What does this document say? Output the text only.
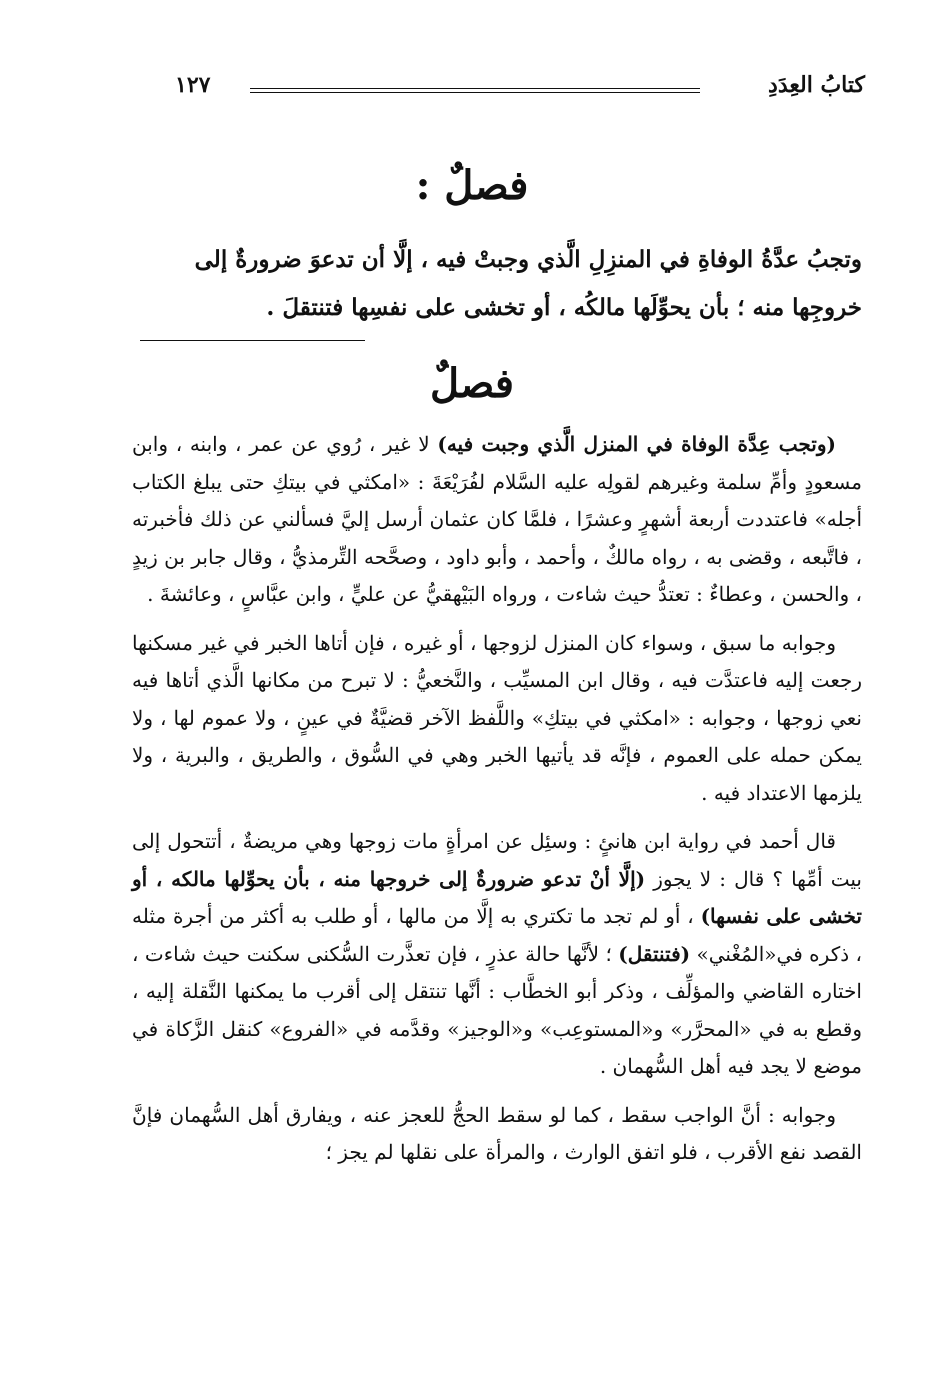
كتابُ العِدَدِ
١٢٧
فصلٌ :

وتجبُ عدَّةُ الوفاةِ في المنزِلِ الَّذي وجبتْ فيه ، إلَّا أن تدعوَ ضرورةٌ إلى

خروجِها منه ؛ بأن يحوِّلَها مالكُه ، أو تخشى على نفسِها فتنتقلَ .

فصلٌ

(وتجب عِدَّة الوفاة في المنزل الَّذي وجبت فيه) لا غير ، رُوي عن عمر ، وابنه ، وابن مسعودٍ وأمِّ سلمة وغيرهم لقولِه عليه السَّلام لفُرَيْعَةَ : «امكثي في بيتكِ حتى يبلغ الكتاب أجله» فاعتددت أربعة أشهرٍ وعشرًا ، فلمَّا كان عثمان أرسل إليَّ فسألني عن ذلك فأخبرته ، فاتَّبعه ، وقضى به ، رواه مالكٌ ، وأحمد ، وأبو داود ، وصحَّحه التِّرمذيُّ ، وقال جابر بن زيدٍ ، والحسن ، وعطاءٌ : تعتدُّ حيث شاءت ، ورواه البَيْهقيُّ عن عليٍّ ، وابن عبَّاسٍ ، وعائشةَ .

وجوابه ما سبق ، وسواء كان المنزل لزوجها ، أو غيره ، فإن أتاها الخبر في غير مسكنها رجعت إليه فاعتدَّت فيه ، وقال ابن المسيِّب ، والنَّخعيُّ : لا تبرح من مكانها الَّذي أتاها فيه نعي زوجها ، وجوابه : «امكثي في بيتكِ» واللَّفظ الآخر قضيَّةٌ في عينٍ ، ولا عموم لها ، ولا يمكن حمله على العموم ، فإنَّه قد يأتيها الخبر وهي في السُّوق ، والطريق ، والبرية ، ولا يلزمها الاعتداد فيه .

قال أحمد في رواية ابن هانئٍ : وسئِل عن امرأةٍ مات زوجها وهي مريضةٌ ، أتتحول إلى بيت أمِّها ؟ قال : لا يجوز (إلَّا أنْ تدعو ضرورةٌ إلى خروجها منه ، بأن يحوِّلها مالكه ، أو تخشى على نفسها) ، أو لم تجد ما تكتري به إلَّا من مالها ، أو طلب به أكثر من أجرة مثله ، ذكره في«المُغْني» (فتنتقل) ؛ لأنَّها حالة عذرٍ ، فإن تعذَّرت السُّكنى سكنت حيث شاءت ، اختاره القاضي والمؤلِّف ، وذكر أبو الخطَّاب : أنَّها تنتقل إلى أقرب ما يمكنها النَّقلة إليه ، وقطع به في «المحرَّر» و«المستوعِب» و«الوجيز» وقدَّمه في «الفروع» كنقل الزَّكاة في موضع لا يجد فيه أهل السُّهمان .

وجوابه : أنَّ الواجب سقط ، كما لو سقط الحجُّ للعجز عنه ، ويفارق أهل السُّهمان فإنَّ القصد نفع الأقرب ، فلو اتفق الوارث ، والمرأة على نقلها لم يجز ؛
